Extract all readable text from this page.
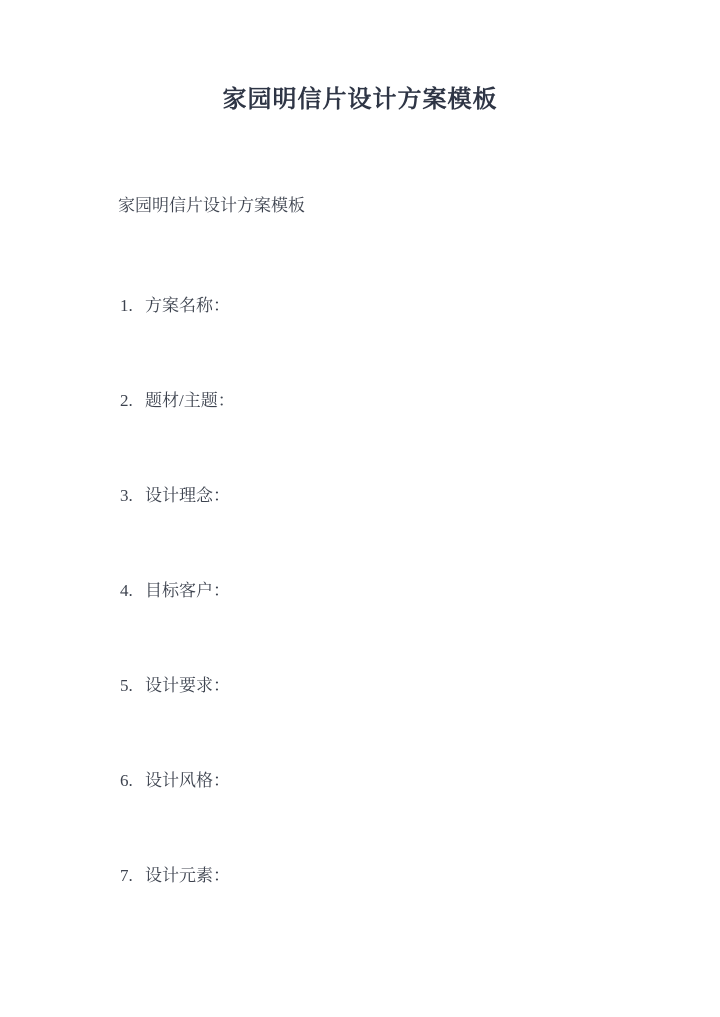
家园明信片设计方案模板
家园明信片设计方案模板
1. 方案名称：
2. 题材/主题：
3. 设计理念：
4. 目标客户：
5. 设计要求：
6. 设计风格：
7. 设计元素：
